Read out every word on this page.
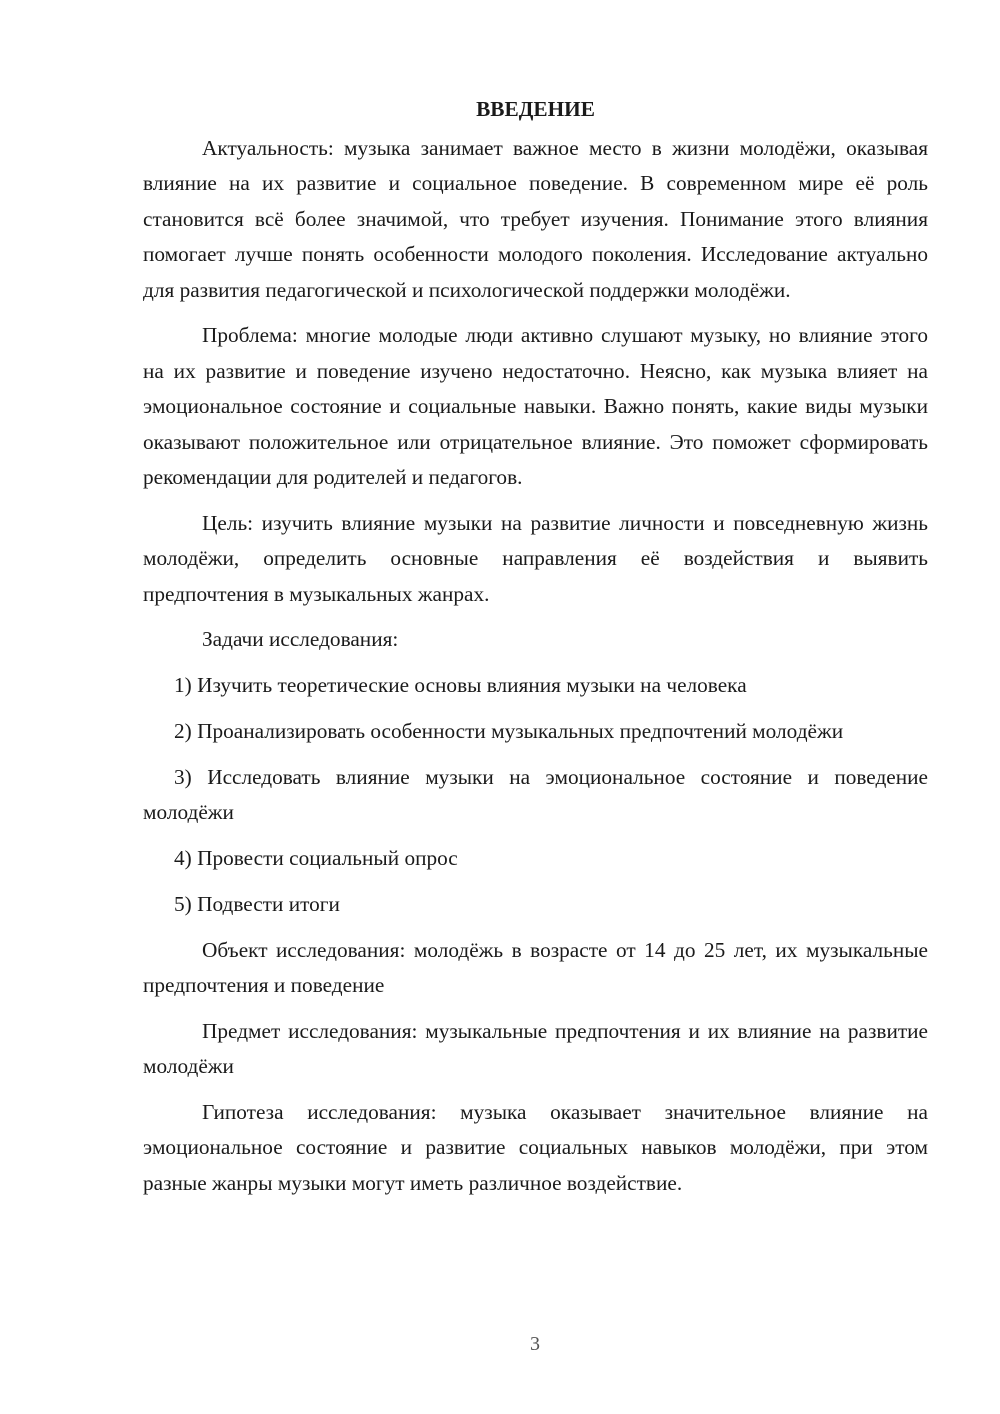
ВВЕДЕНИЕ

Актуальность: музыка занимает важное место в жизни молодёжи, оказывая влияние на их развитие и социальное поведение. В современном мире её роль становится всё более значимой, что требует изучения. Понимание этого влияния помогает лучше понять особенности молодого поколения. Исследование актуально для развития педагогической и психологической поддержки молодёжи.

Проблема: многие молодые люди активно слушают музыку, но влияние этого на их развитие и поведение изучено недостаточно. Неясно, как музыка влияет на эмоциональное состояние и социальные навыки. Важно понять, какие виды музыки оказывают положительное или отрицательное влияние. Это поможет сформировать рекомендации для родителей и педагогов.

Цель: изучить влияние музыки на развитие личности и повседневную жизнь молодёжи, определить основные направления её воздействия и выявить предпочтения в музыкальных жанрах.

Задачи исследования:

1) Изучить теоретические основы влияния музыки на человека

2) Проанализировать особенности музыкальных предпочтений молодёжи

3) Исследовать влияние музыки на эмоциональное состояние и поведение молодёжи

4) Провести социальный опрос

5) Подвести итоги

Объект исследования: молодёжь в возрасте от 14 до 25 лет, их музыкальные предпочтения и поведение

Предмет исследования: музыкальные предпочтения и их влияние на развитие молодёжи

Гипотеза исследования: музыка оказывает значительное влияние на эмоциональное состояние и развитие социальных навыков молодёжи, при этом разные жанры музыки могут иметь различное воздействие.

3
